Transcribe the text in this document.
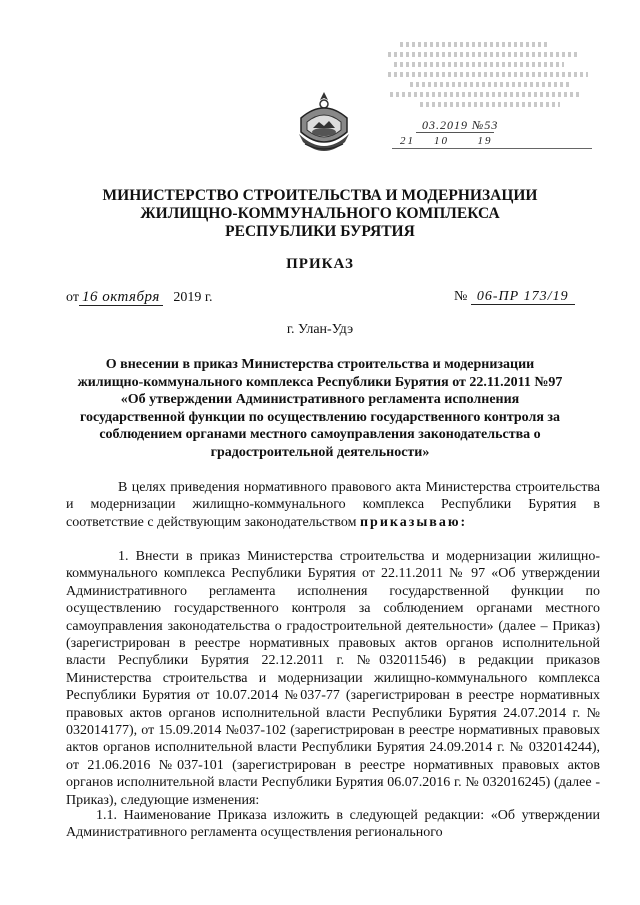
03.2019 №53
21    10      19
МИНИСТЕРСТВО СТРОИТЕЛЬСТВА И МОДЕРНИЗАЦИИ
ЖИЛИЩНО-КОММУНАЛЬНОГО КОМПЛЕКСА
РЕСПУБЛИКИ БУРЯТИЯ
ПРИКАЗ
от 16 октября 2019 г.	№ 06-ПР 173/19
г. Улан-Удэ
О внесении в приказ Министерства строительства и модернизации
жилищно-коммунального комплекса Республики Бурятия от 22.11.2011 №97
«Об утверждении Административного регламента исполнения
государственной функции по осуществлению государственного контроля за
соблюдением органами местного самоуправления законодательства о
градостроительной деятельности»
В целях приведения нормативного правового акта Министерства строительства и модернизации жилищно-коммунального комплекса Республики Бурятия в соответствие с действующим законодательством приказываю:
1. Внести в приказ Министерства строительства и модернизации жилищно-коммунального комплекса Республики Бурятия от 22.11.2011 № 97 «Об утверждении Административного регламента исполнения государственной функции по осуществлению государственного контроля за соблюдением органами местного самоуправления законодательства о градостроительной деятельности» (далее – Приказ) (зарегистрирован в реестре нормативных правовых актов органов исполнительной власти Республики Бурятия 22.12.2011 г. №032011546) в редакции приказов Министерства строительства и модернизации жилищно-коммунального комплекса Республики Бурятия от 10.07.2014 №037-77 (зарегистрирован в реестре нормативных правовых актов органов исполнительной власти Республики Бурятия 24.07.2014 г. № 032014177), от 15.09.2014 №037-102 (зарегистрирован в реестре нормативных правовых актов органов исполнительной власти Республики Бурятия 24.09.2014 г. № 032014244), от 21.06.2016 №037-101 (зарегистрирован в реестре нормативных правовых актов органов исполнительной власти Республики Бурятия 06.07.2016 г. № 032016245) (далее - Приказ), следующие изменения:
1.1. Наименование Приказа изложить в следующей редакции: «Об утверждении Административного регламента осуществления регионального
